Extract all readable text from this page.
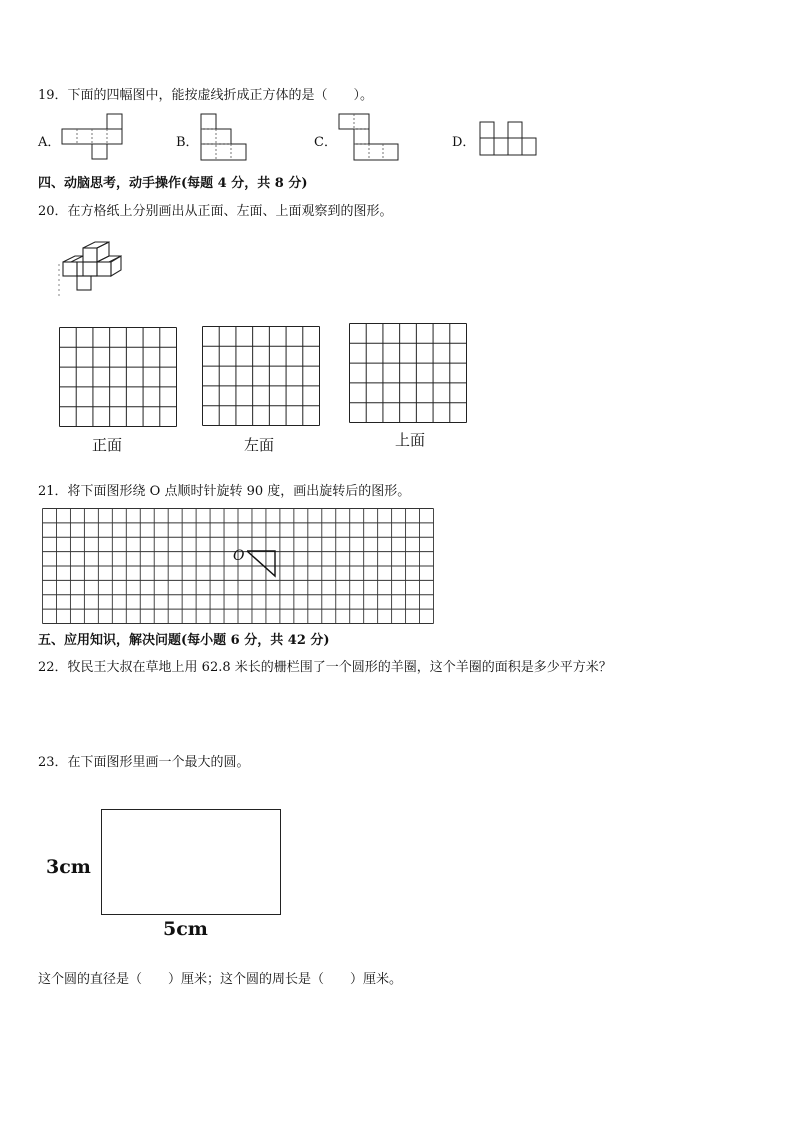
19．下面的四幅图中，能按虚线折成正方体的是（　　）。
A．	B．	C．	D．
四、动脑思考，动手操作(每题 4 分，共 8 分)
20．在方格纸上分别画出从正面、左面、上面观察到的图形。
正面	左面	上面
21．将下面图形绕 O 点顺时针旋转 90 度，画出旋转后的图形。
O
五、应用知识，解决问题(每小题 6 分，共 42 分)
22．牧民王大叔在草地上用 62.8 米长的栅栏围了一个圆形的羊圈，这个羊圈的面积是多少平方米？
23．在下面图形里画一个最大的圆。
3cm
5cm
这个圆的直径是（　　）厘米；这个圆的周长是（　　）厘米。
